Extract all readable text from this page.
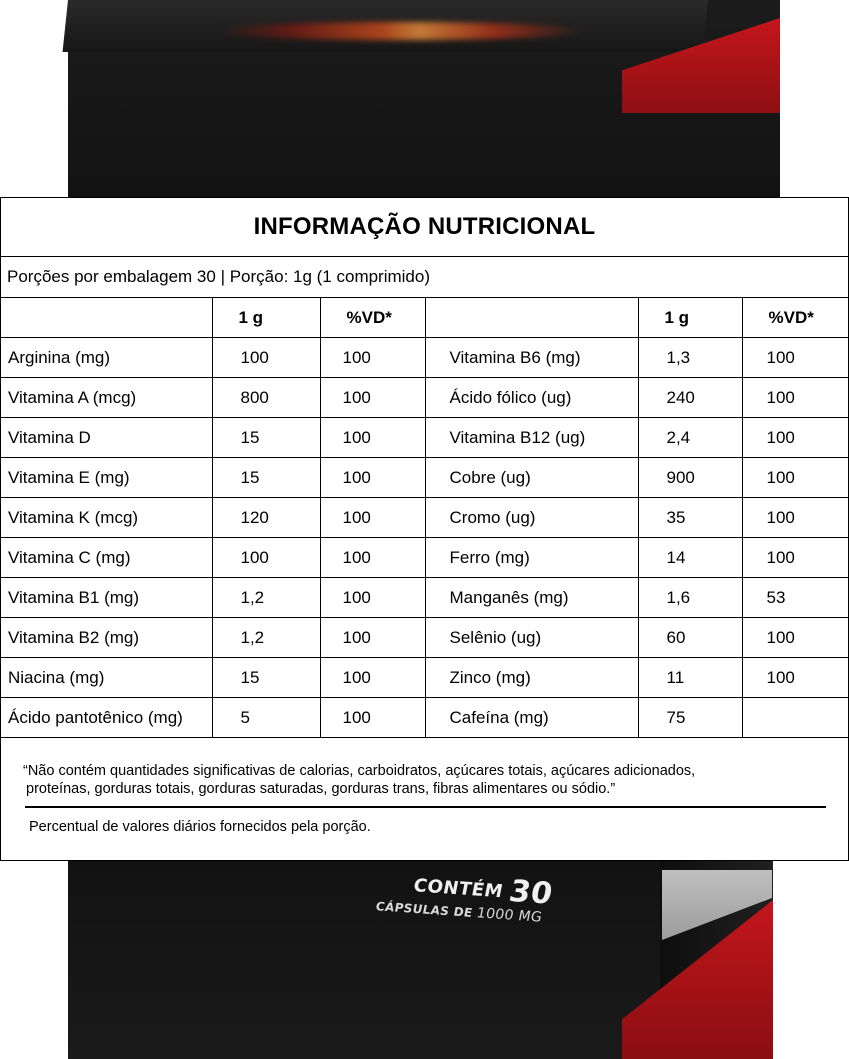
CONTÉM 30
CÁPSULAS DE 1000 MG
INFORMAÇÃO NUTRICIONAL
Porções por embalagem 30 | Porção: 1g (1 comprimido)
	1 g	%VD*		1 g	%VD*
Arginina (mg)	100	100	Vitamina B6 (mg)	1,3	100
Vitamina A (mcg)	800	100	Ácido fólico (ug)	240	100
Vitamina D	15	100	Vitamina B12 (ug)	2,4	100
Vitamina E (mg)	15	100	Cobre (ug)	900	100
Vitamina K (mcg)	120	100	Cromo (ug)	35	100
Vitamina C (mg)	100	100	Ferro (mg)	14	100
Vitamina B1 (mg)	1,2	100	Manganês (mg)	1,6	53
Vitamina B2 (mg)	1,2	100	Selênio (ug)	60	100
Niacina (mg)	15	100	Zinco (mg)	11	100
Ácido pantotênico (mg)	5	100	Cafeína (mg)	75	
“Não contém quantidades significativas de calorias, carboidratos, açúcares totais, açúcares adicionados,
proteínas, gorduras totais, gorduras saturadas, gorduras trans, fibras alimentares ou sódio.”
Percentual de valores diários fornecidos pela porção.
